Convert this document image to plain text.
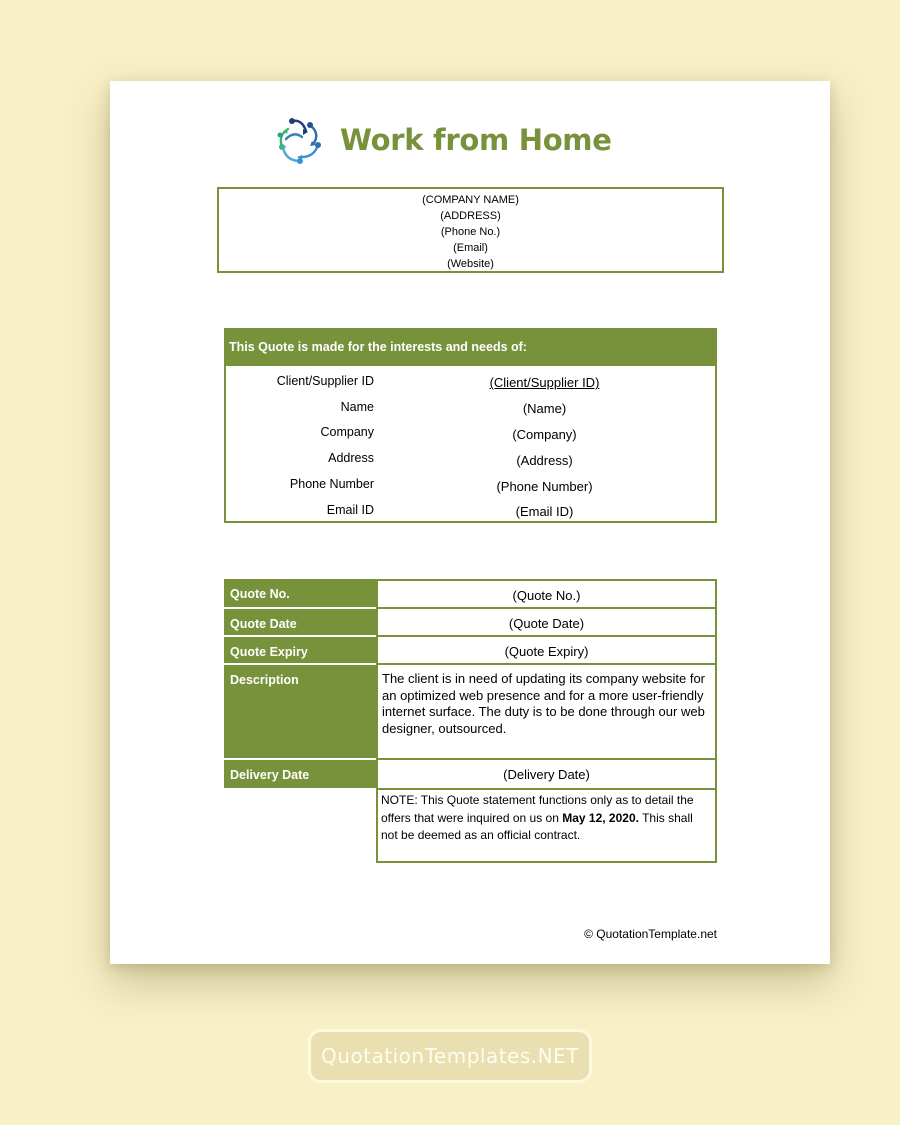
Work from Home
(COMPANY NAME)
(ADDRESS)
(Phone No.)
(Email)
(Website)
This Quote is made for the interests and needs of:
Client/Supplier ID	(Client/Supplier ID)
Name	(Name)
Company	(Company)
Address	(Address)
Phone Number	(Phone Number)
Email ID	(Email ID)
Quote No.	(Quote No.)
Quote Date	(Quote Date)
Quote Expiry	(Quote Expiry)
Description	The client is in need of updating its company website for an optimized web presence and for a more user-friendly internet surface. The duty is to be done through our web designer, outsourced.
Delivery Date	(Delivery Date)
NOTE: This Quote statement functions only as to detail the offers that were inquired on us on May 12, 2020. This shall not be deemed as an official contract.
© QuotationTemplate.net
QuotationTemplates.NET
